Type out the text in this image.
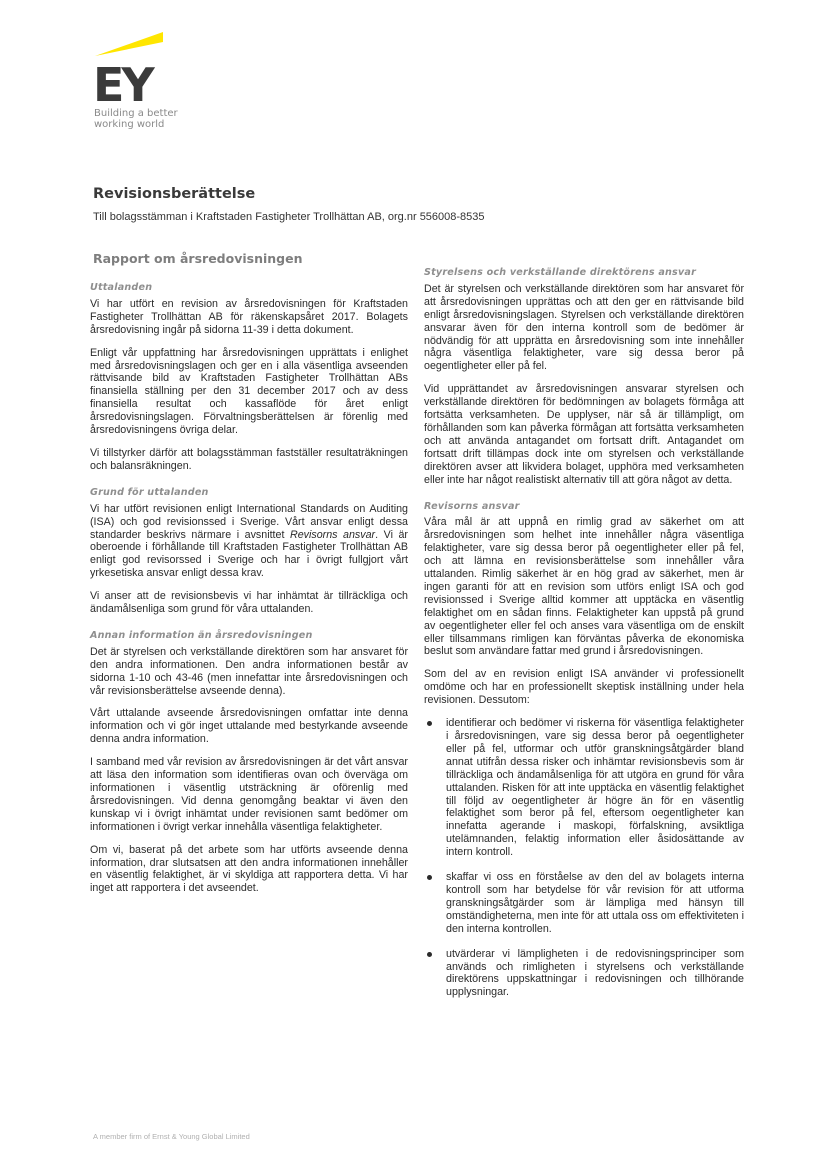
EY
Building a better
working world
Revisionsberättelse
Till bolagsstämman i Kraftstaden Fastigheter Trollhättan AB, org.nr 556008-8535
Rapport om årsredovisningen
Uttalanden

Vi har utfört en revision av årsredovisningen för Kraftstaden Fastigheter Trollhättan AB för räkenskapsåret 2017. Bolagets årsredovisning ingår på sidorna 11-39 i detta dokument.

Enligt vår uppfattning har årsredovisningen upprättats i enlighet med årsredovisningslagen och ger en i alla väsentliga avseenden rättvisande bild av Kraftstaden Fastigheter Trollhättan ABs finansiella ställning per den 31 december 2017 och av dess finansiella resultat och kassaflöde för året enligt årsredovisningslagen. Förvaltningsberättelsen är förenlig med årsredovisningens övriga delar.

Vi tillstyrker därför att bolagsstämman fastställer resultaträkningen och balansräkningen.

Grund för uttalanden

Vi har utfört revisionen enligt International Standards on Auditing (ISA) och god revisionssed i Sverige. Vårt ansvar enligt dessa standarder beskrivs närmare i avsnittet Revisorns ansvar. Vi är oberoende i förhållande till Kraftstaden Fastigheter Trollhättan AB enligt god revisorssed i Sverige och har i övrigt fullgjort vårt yrkesetiska ansvar enligt dessa krav.

Vi anser att de revisionsbevis vi har inhämtat är tillräckliga och ändamålsenliga som grund för våra uttalanden.

Annan information än årsredovisningen

Det är styrelsen och verkställande direktören som har ansvaret för den andra informationen. Den andra informationen består av sidorna 1-10 och 43-46 (men innefattar inte årsredovisningen och vår revisionsberättelse avseende denna).

Vårt uttalande avseende årsredovisningen omfattar inte denna information och vi gör inget uttalande med bestyrkande avseende denna andra information.

I samband med vår revision av årsredovisningen är det vårt ansvar att läsa den information som identifieras ovan och överväga om informationen i väsentlig utsträckning är oförenlig med årsredovisningen. Vid denna genomgång beaktar vi även den kunskap vi i övrigt inhämtat under revisionen samt bedömer om informationen i övrigt verkar innehålla väsentliga felaktigheter.

Om vi, baserat på det arbete som har utförts avseende denna information, drar slutsatsen att den andra informationen innehåller en väsentlig felaktighet, är vi skyldiga att rapportera detta. Vi har inget att rapportera i det avseendet.

Styrelsens och verkställande direktörens ansvar

Det är styrelsen och verkställande direktören som har ansvaret för att årsredovisningen upprättas och att den ger en rättvisande bild enligt årsredovisningslagen. Styrelsen och verkställande direktören ansvarar även för den interna kontroll som de bedömer är nödvändig för att upprätta en årsredovisning som inte innehåller några väsentliga felaktigheter, vare sig dessa beror på oegentligheter eller på fel.

Vid upprättandet av årsredovisningen ansvarar styrelsen och verkställande direktören för bedömningen av bolagets förmåga att fortsätta verksamheten. De upplyser, när så är tillämpligt, om förhållanden som kan påverka förmågan att fortsätta verksamheten och att använda antagandet om fortsatt drift. Antagandet om fortsatt drift tillämpas dock inte om styrelsen och verkställande direktören avser att likvidera bolaget, upphöra med verksamheten eller inte har något realistiskt alternativ till att göra något av detta.

Revisorns ansvar

Våra mål är att uppnå en rimlig grad av säkerhet om att årsredovisningen som helhet inte innehåller några väsentliga felaktigheter, vare sig dessa beror på oegentligheter eller på fel, och att lämna en revisionsberättelse som innehåller våra uttalanden. Rimlig säkerhet är en hög grad av säkerhet, men är ingen garanti för att en revision som utförs enligt ISA och god revisionssed i Sverige alltid kommer att upptäcka en väsentlig felaktighet om en sådan finns. Felaktigheter kan uppstå på grund av oegentligheter eller fel och anses vara väsentliga om de enskilt eller tillsammans rimligen kan förväntas påverka de ekonomiska beslut som användare fattar med grund i årsredovisningen.

Som del av en revision enligt ISA använder vi professionellt omdöme och har en professionellt skeptisk inställning under hela revisionen. Dessutom:

identifierar och bedömer vi riskerna för väsentliga felaktigheter i årsredovisningen, vare sig dessa beror på oegentligheter eller på fel, utformar och utför granskningsåtgärder bland annat utifrån dessa risker och inhämtar revisionsbevis som är tillräckliga och ändamålsenliga för att utgöra en grund för våra uttalanden. Risken för att inte upptäcka en väsentlig felaktighet till följd av oegentligheter är högre än för en väsentlig felaktighet som beror på fel, eftersom oegentligheter kan innefatta agerande i maskopi, förfalskning, avsiktliga utelämnanden, felaktig information eller åsidosättande av intern kontroll.
skaffar vi oss en förståelse av den del av bolagets interna kontroll som har betydelse för vår revision för att utforma granskningsåtgärder som är lämpliga med hänsyn till omständigheterna, men inte för att uttala oss om effektiviteten i den interna kontrollen.
utvärderar vi lämpligheten i de redovisningsprinciper som används och rimligheten i styrelsens och verkställande direktörens uppskattningar i redovisningen och tillhörande upplysningar.
A member firm of Ernst & Young Global Limited
